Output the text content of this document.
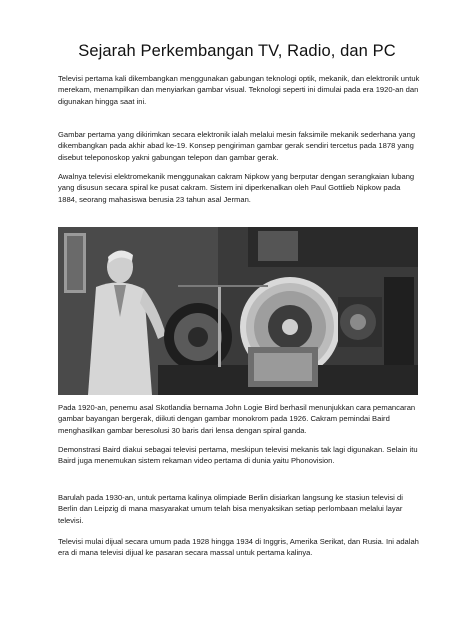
Sejarah Perkembangan TV, Radio, dan PC

Televisi pertama kali dikembangkan menggunakan gabungan teknologi optik, mekanik, dan elektronik untuk merekam, menampilkan dan menyiarkan gambar visual. Teknologi seperti ini dimulai pada era 1920-an dan digunakan hingga saat ini.

Gambar pertama yang dikirimkan secara elektronik ialah melalui mesin faksimile mekanik sederhana yang dikembangkan pada akhir abad ke-19. Konsep pengiriman gambar gerak sendiri tercetus pada 1878 yang disebut teleponoskop yakni gabungan telepon dan gambar gerak.

Awalnya televisi elektromekanik menggunakan cakram Nipkow yang berputar dengan serangkaian lubang yang disusun secara spiral ke pusat cakram. Sistem ini diperkenalkan oleh Paul Gottlieb Nipkow pada 1884, seorang mahasiswa berusia 23 tahun asal Jerman.

Pada 1920-an, penemu asal Skotlandia bernama John Logie Bird berhasil menunjukkan cara pemancaran gambar bayangan bergerak, diikuti dengan gambar monokrom pada 1926. Cakram pemindai Baird menghasilkan gambar beresolusi 30 baris dari lensa dengan spiral ganda.

Demonstrasi Baird diakui sebagai televisi pertama, meskipun televisi mekanis tak lagi digunakan. Selain itu Baird juga menemukan sistem rekaman video pertama di dunia yaitu Phonovision.

Barulah pada 1930-an, untuk pertama kalinya olimpiade Berlin disiarkan langsung ke stasiun televisi di Berlin dan Leipzig di mana masyarakat umum telah bisa menyaksikan setiap perlombaan melalui layar televisi.

Televisi mulai dijual secara umum pada 1928 hingga 1934 di Inggris, Amerika Serikat, dan Rusia. Ini adalah era di mana televisi dijual ke pasaran secara massal untuk pertama kalinya.
